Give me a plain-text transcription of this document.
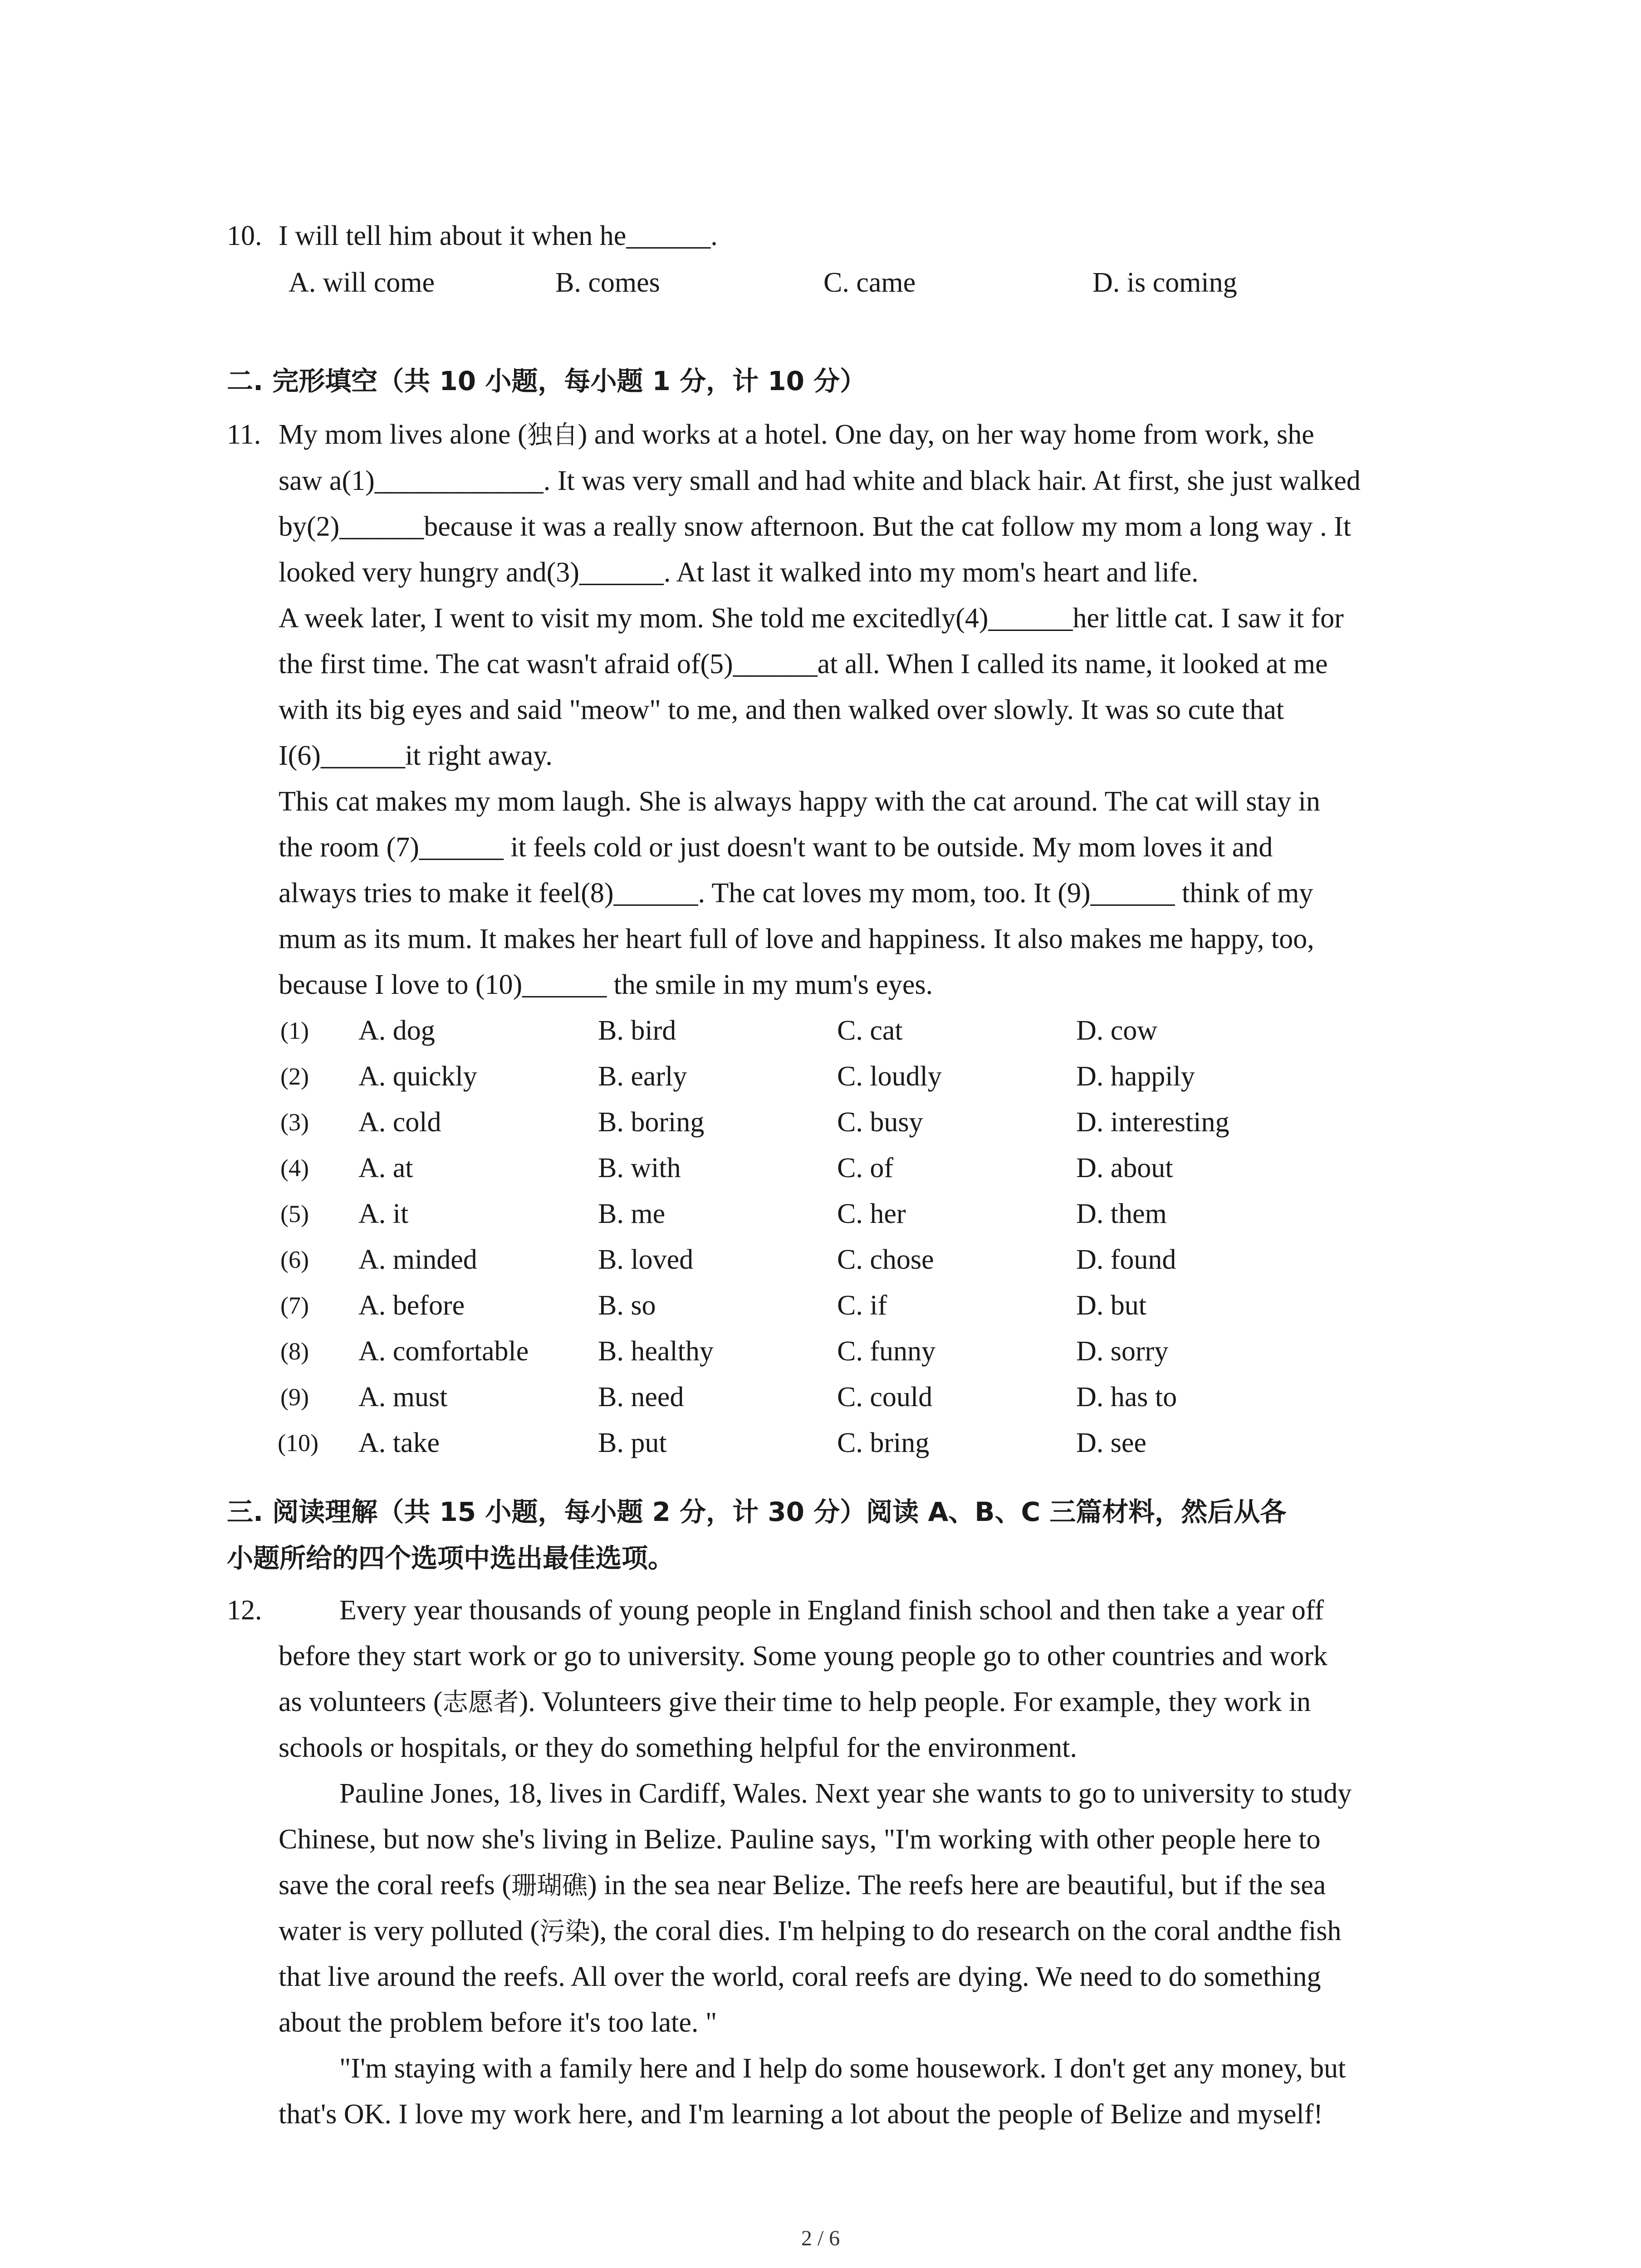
10. I will tell him about it when he______.
A. will come	B. comes	C. came	D. is coming
二. 完形填空（共 10 小题，每小题 1 分，计 10 分）
11. My mom lives alone (独自) and works at a hotel. One day, on her way home from work, she
saw a(1)____________. It was very small and had white and black hair. At first, she just walked
by(2)______because it was a really snow afternoon. But the cat follow my mom a long way . It
looked very hungry and(3)______. At last it walked into my mom's heart and life.
A week later, I went to visit my mom. She told me excitedly(4)______her little cat. I saw it for
the first time. The cat wasn't afraid of(5)______at all. When I called its name, it looked at me
with its big eyes and said "meow" to me, and then walked over slowly. It was so cute that
I(6)______it right away.
This cat makes my mom laugh. She is always happy with the cat around. The cat will stay in
the room (7)______ it feels cold or just doesn't want to be outside. My mom loves it and
always tries to make it feel(8)______. The cat loves my mom, too. It (9)______ think of my
mum as its mum. It makes her heart full of love and happiness. It also makes me happy, too,
because I love to (10)______ the smile in my mum's eyes.
(1) A. dog	B. bird	C. cat	D. cow
(2) A. quickly	B. early	C. loudly	D. happily
(3) A. cold	B. boring	C. busy	D. interesting
(4) A. at	B. with	C. of	D. about
(5) A. it	B. me	C. her	D. them
(6) A. minded	B. loved	C. chose	D. found
(7) A. before	B. so	C. if	D. but
(8) A. comfortable B. healthy	C. funny	D. sorry
(9) A. must	B. need	C. could	D. has to
(10) A. take	B. put	C. bring	D. see
三. 阅读理解（共 15 小题，每小题 2 分，计 30 分）阅读 A、B、C 三篇材料，然后从各
小题所给的四个选项中选出最佳选项。
12.	Every year thousands of young people in England finish school and then take a year off
before they start work or go to university. Some young people go to other countries and work
as volunteers (志愿者). Volunteers give their time to help people. For example, they work in
schools or hospitals, or they do something helpful for the environment.
Pauline Jones, 18, lives in Cardiff, Wales. Next year she wants to go to university to study
Chinese, but now she's living in Belize. Pauline says, "I'm working with other people here to
save the coral reefs (珊瑚礁) in the sea near Belize. The reefs here are beautiful, but if the sea
water is very polluted (污染), the coral dies. I'm helping to do research on the coral andthe fish
that live around the reefs. All over the world, coral reefs are dying. We need to do something
about the problem before it's too late. "
"I'm staying with a family here and I help do some housework. I don't get any money, but
that's OK. I love my work here, and I'm learning a lot about the people of Belize and myself!
2 / 6
